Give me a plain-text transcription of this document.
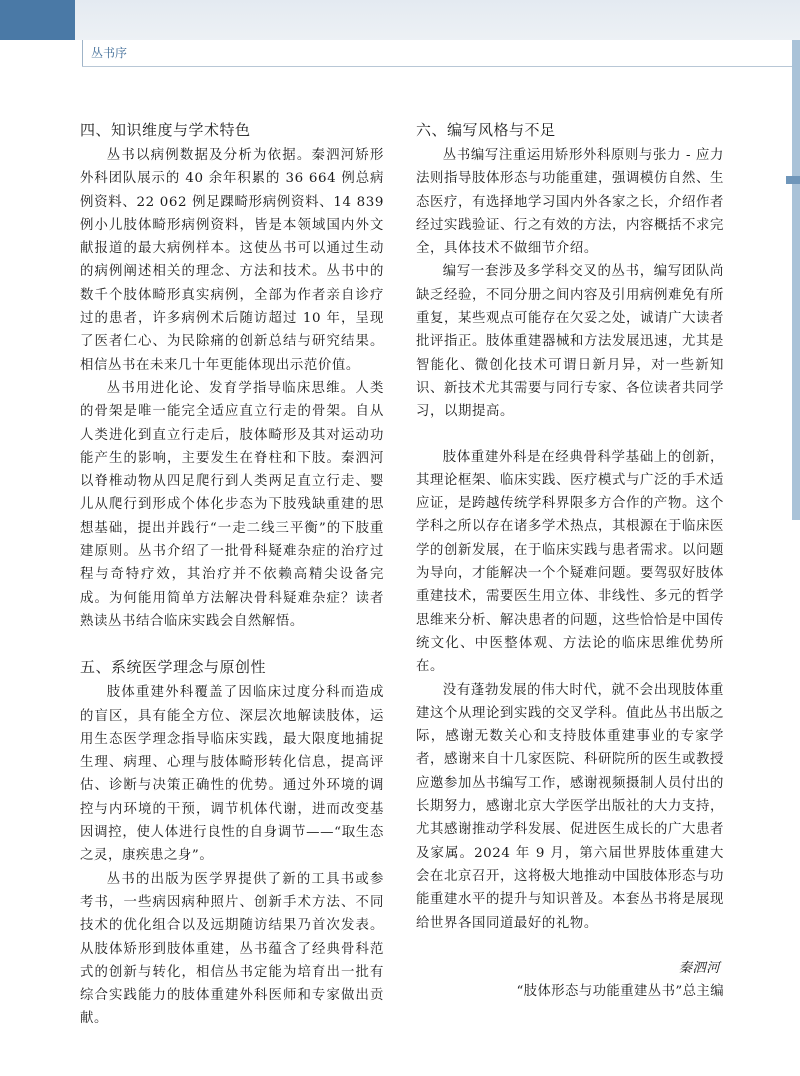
丛书序
四、知识维度与学术特色

丛书以病例数据及分析为依据。秦泗河矫形外科团队展示的 40 余年积累的 36 664 例总病例资料、22 062 例足踝畸形病例资料、14 839 例小儿肢体畸形病例资料，皆是本领域国内外文献报道的最大病例样本。这使丛书可以通过生动的病例阐述相关的理念、方法和技术。丛书中的数千个肢体畸形真实病例，全部为作者亲自诊疗过的患者，许多病例术后随访超过 10 年，呈现了医者仁心、为民除痛的创新总结与研究结果。相信丛书在未来几十年更能体现出示范价值。

丛书用进化论、发育学指导临床思维。人类的骨架是唯一能完全适应直立行走的骨架。自从人类进化到直立行走后，肢体畸形及其对运动功能产生的影响，主要发生在脊柱和下肢。秦泗河以脊椎动物从四足爬行到人类两足直立行走、婴儿从爬行到形成个体化步态为下肢残缺重建的思想基础，提出并践行“一走二线三平衡”的下肢重建原则。丛书介绍了一批骨科疑难杂症的治疗过程与奇特疗效，其治疗并不依赖高精尖设备完成。为何能用简单方法解决骨科疑难杂症？读者熟读丛书结合临床实践会自然解悟。

五、系统医学理念与原创性

肢体重建外科覆盖了因临床过度分科而造成的盲区，具有能全方位、深层次地解读肢体，运用生态医学理念指导临床实践，最大限度地捕捉生理、病理、心理与肢体畸形转化信息，提高评估、诊断与决策正确性的优势。通过外环境的调控与内环境的干预，调节机体代谢，进而改变基因调控，使人体进行良性的自身调节——“取生态之灵，康疾患之身”。

丛书的出版为医学界提供了新的工具书或参考书，一些病因病种照片、创新手术方法、不同技术的优化组合以及远期随访结果乃首次发表。从肢体矫形到肢体重建，丛书蕴含了经典骨科范式的创新与转化，相信丛书定能为培育出一批有综合实践能力的肢体重建外科医师和专家做出贡献。

六、编写风格与不足

丛书编写注重运用矫形外科原则与张力 - 应力法则指导肢体形态与功能重建，强调模仿自然、生态医疗，有选择地学习国内外各家之长，介绍作者经过实践验证、行之有效的方法，内容概括不求完全，具体技术不做细节介绍。

编写一套涉及多学科交叉的丛书，编写团队尚缺乏经验，不同分册之间内容及引用病例难免有所重复，某些观点可能存在欠妥之处，诚请广大读者批评指正。肢体重建器械和方法发展迅速，尤其是智能化、微创化技术可谓日新月异，对一些新知识、新技术尤其需要与同行专家、各位读者共同学习，以期提高。

肢体重建外科是在经典骨科学基础上的创新，其理论框架、临床实践、医疗模式与广泛的手术适应证，是跨越传统学科界限多方合作的产物。这个学科之所以存在诸多学术热点，其根源在于临床医学的创新发展，在于临床实践与患者需求。以问题为导向，才能解决一个个疑难问题。要驾驭好肢体重建技术，需要医生用立体、非线性、多元的哲学思维来分析、解决患者的问题，这些恰恰是中国传统文化、中医整体观、方法论的临床思维优势所在。

没有蓬勃发展的伟大时代，就不会出现肢体重建这个从理论到实践的交叉学科。值此丛书出版之际，感谢无数关心和支持肢体重建事业的专家学者，感谢来自十几家医院、科研院所的医生或教授应邀参加丛书编写工作，感谢视频摄制人员付出的长期努力，感谢北京大学医学出版社的大力支持，尤其感谢推动学科发展、促进医生成长的广大患者及家属。2024 年 9 月，第六届世界肢体重建大会在北京召开，这将极大地推动中国肢体形态与功能重建水平的提升与知识普及。本套丛书将是展现给世界各国同道最好的礼物。

秦泗河

“肢体形态与功能重建丛书”总主编
